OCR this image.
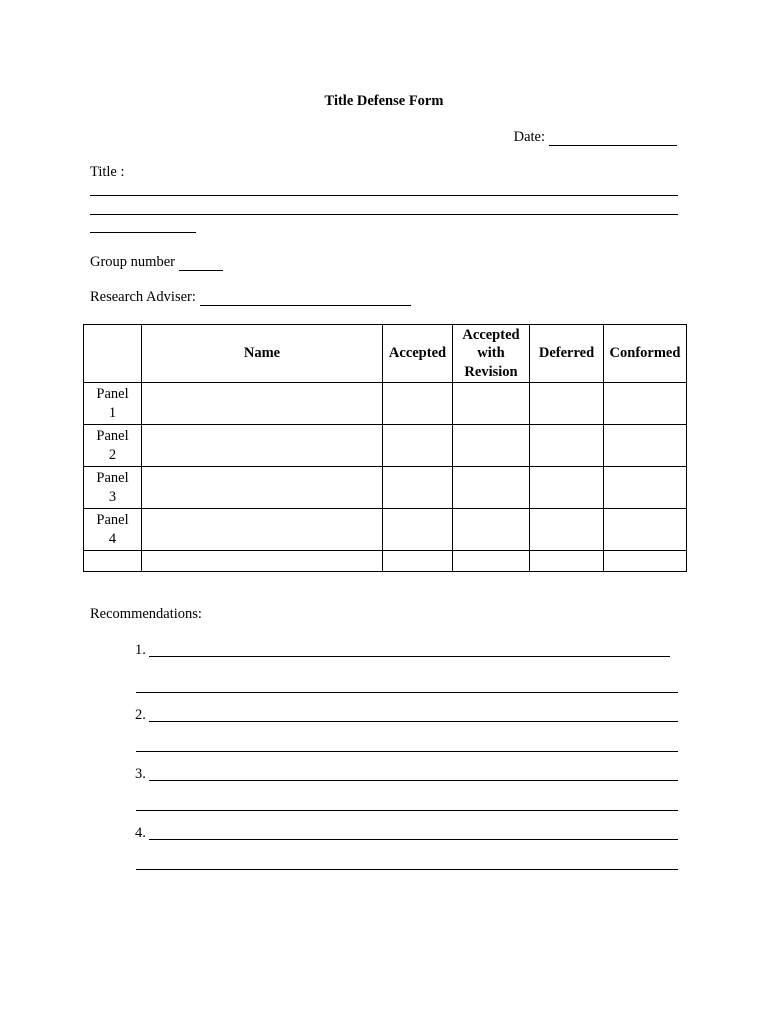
Title Defense Form
Date:
Title :
Group number
Research Adviser:
	Name	Accepted	Accepted with Revision	Deferred	Conformed

Panel 1					

Panel 2					

Panel 3					

Panel 4					

Recommendations:
1.
2.
3.
4.
